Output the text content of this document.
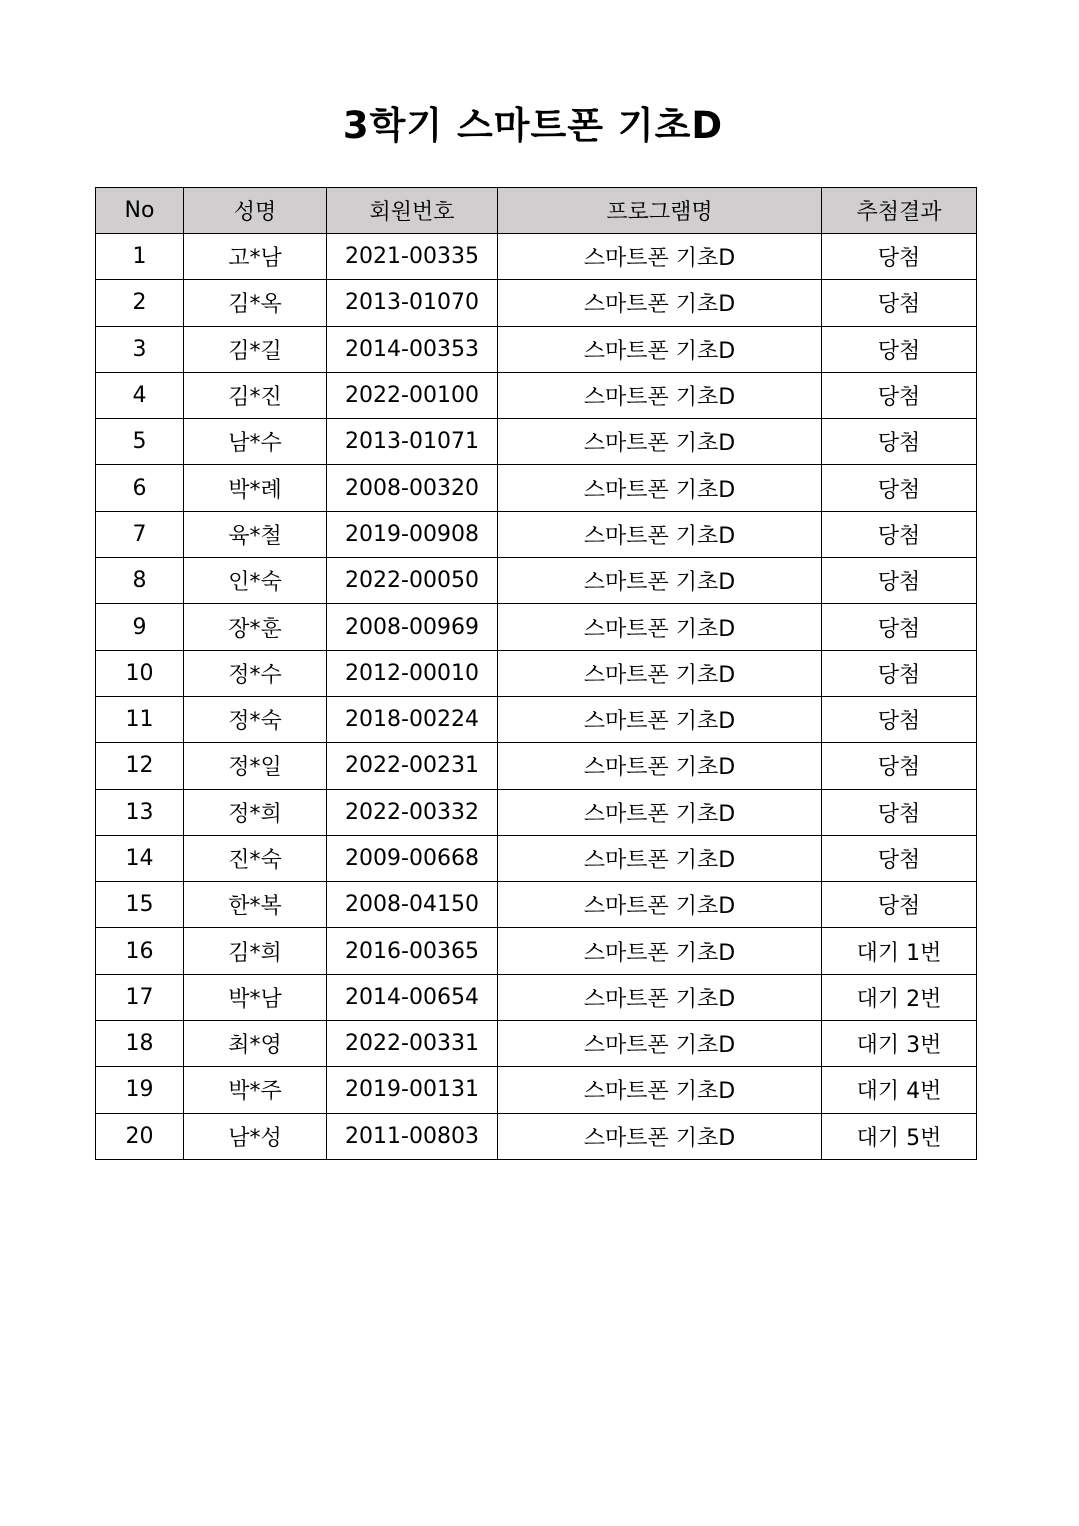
3학기 스마트폰 기초D
No	성명	회원번호	프로그램명	추첨결과
1	고*남	2021-00335	스마트폰 기초D	당첨
2	김*옥	2013-01070	스마트폰 기초D	당첨
3	김*길	2014-00353	스마트폰 기초D	당첨
4	김*진	2022-00100	스마트폰 기초D	당첨
5	남*수	2013-01071	스마트폰 기초D	당첨
6	박*례	2008-00320	스마트폰 기초D	당첨
7	육*철	2019-00908	스마트폰 기초D	당첨
8	인*숙	2022-00050	스마트폰 기초D	당첨
9	장*훈	2008-00969	스마트폰 기초D	당첨
10	정*수	2012-00010	스마트폰 기초D	당첨
11	정*숙	2018-00224	스마트폰 기초D	당첨
12	정*일	2022-00231	스마트폰 기초D	당첨
13	정*희	2022-00332	스마트폰 기초D	당첨
14	진*숙	2009-00668	스마트폰 기초D	당첨
15	한*복	2008-04150	스마트폰 기초D	당첨
16	김*희	2016-00365	스마트폰 기초D	대기 1번
17	박*남	2014-00654	스마트폰 기초D	대기 2번
18	최*영	2022-00331	스마트폰 기초D	대기 3번
19	박*주	2019-00131	스마트폰 기초D	대기 4번
20	남*성	2011-00803	스마트폰 기초D	대기 5번
